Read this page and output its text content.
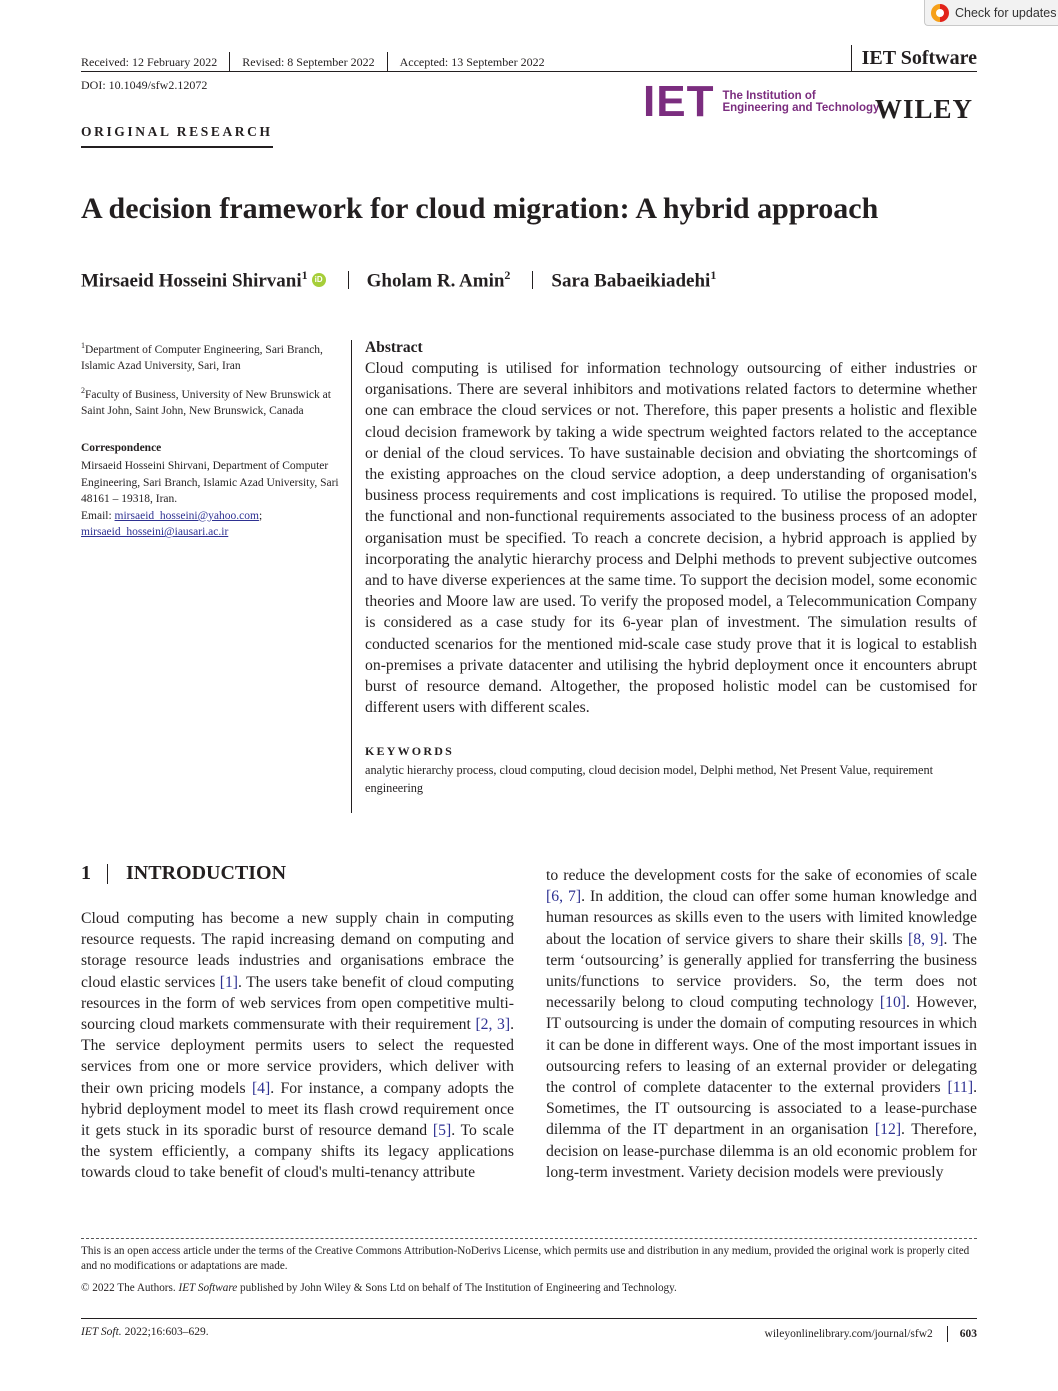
Check for updates
Received: 12 February 2022 Revised: 8 September 2022 Accepted: 13 September 2022	IET Software
DOI: 10.1049/sfw2.12072	IET The Institution of
Engineering and Technology
WILEY
ORIGINAL RESEARCH
A decision framework for cloud migration: A hybrid approach
Mirsaeid Hosseini Shirvani$^1$ iD Gholam R. Amin$^2$ Sara Babaeikiadehi$^1$

$^1$Department of Computer Engineering, Sari Branch, Islamic Azad University, Sari, Iran

$^2$Faculty of Business, University of New Brunswick at Saint John, Saint John, New Brunswick, Canada

Correspondence

Mirsaeid Hosseini Shirvani, Department of Computer Engineering, Sari Branch, Islamic Azad University, Sari 48161 – 19318, Iran.
Email: mirsaeid_hosseini@yahoo.com;
mirsaeid_hosseini@iausari.ac.ir

Abstract

Cloud computing is utilised for information technology outsourcing of either industries or organisations. There are several inhibitors and motivations related factors to determine whether one can embrace the cloud services or not. Therefore, this paper presents a holistic and flexible cloud decision framework by taking a wide spectrum weighted factors related to the acceptance or denial of the cloud services. To have sustainable decision and obviating the shortcomings of the existing approaches on the cloud service adoption, a deep understanding of organisation's business process requirements and cost implications is required. To utilise the proposed model, the functional and non-functional requirements associated to the business process of an adopter organisation must be specified. To reach a concrete decision, a hybrid approach is applied by incorporating the analytic hierarchy process and Delphi methods to prevent subjective outcomes and to have diverse experiences at the same time. To support the decision model, some economic theories and Moore law are used. To verify the proposed model, a Telecommunication Company is considered as a case study for its 6-year plan of investment. The simulation results of conducted scenarios for the mentioned mid-scale case study prove that it is logical to establish on-premises a private datacenter and utilising the hybrid deployment once it encounters abrupt burst of resource demand. Altogether, the proposed holistic model can be customised for different users with different scales.

KEYWORDS
analytic hierarchy process, cloud computing, cloud decision model, Delphi method, Net Present Value, requirement engineering
1 INTRODUCTION

Cloud computing has become a new supply chain in computing resource requests. The rapid increasing demand on computing and storage resource leads industries and organisations embrace the cloud elastic services [1]. The users take benefit of cloud computing resources in the form of web services from open competitive multi-sourcing cloud markets commensurate with their requirement [2, 3]. The service deployment permits users to select the requested services from one or more service providers, which deliver with their own pricing models [4]. For instance, a company adopts the hybrid deployment model to meet its flash crowd requirement once it gets stuck in its sporadic burst of resource demand [5]. To scale the system efficiently, a company shifts its legacy applications towards cloud to take benefit of cloud's multi-tenancy attribute

to reduce the development costs for the sake of economies of scale [6, 7]. In addition, the cloud can offer some human knowledge and human resources as skills even to the users with limited knowledge about the location of service givers to share their skills [8, 9]. The term ‘outsourcing’ is generally applied for transferring the business units/functions to service providers. So, the term does not necessarily belong to cloud computing technology [10]. However, IT outsourcing is under the domain of computing resources in which it can be done in different ways. One of the most important issues in outsourcing refers to leasing of an external provider or delegating the control of complete datacenter to the external providers [11]. Sometimes, the IT outsourcing is associated to a lease-purchase dilemma of the IT department in an organisation [12]. Therefore, decision on lease-purchase dilemma is an old economic problem for long-term investment. Variety decision models were previously

This is an open access article under the terms of the Creative Commons Attribution-NoDerivs License, which permits use and distribution in any medium, provided the original work is properly cited and no modifications or adaptations are made.

© 2022 The Authors. IET Software published by John Wiley & Sons Ltd on behalf of The Institution of Engineering and Technology.

IET Soft. 2022;16:603–629.	wileyonlinelibrary.com/journal/sfw2 603
